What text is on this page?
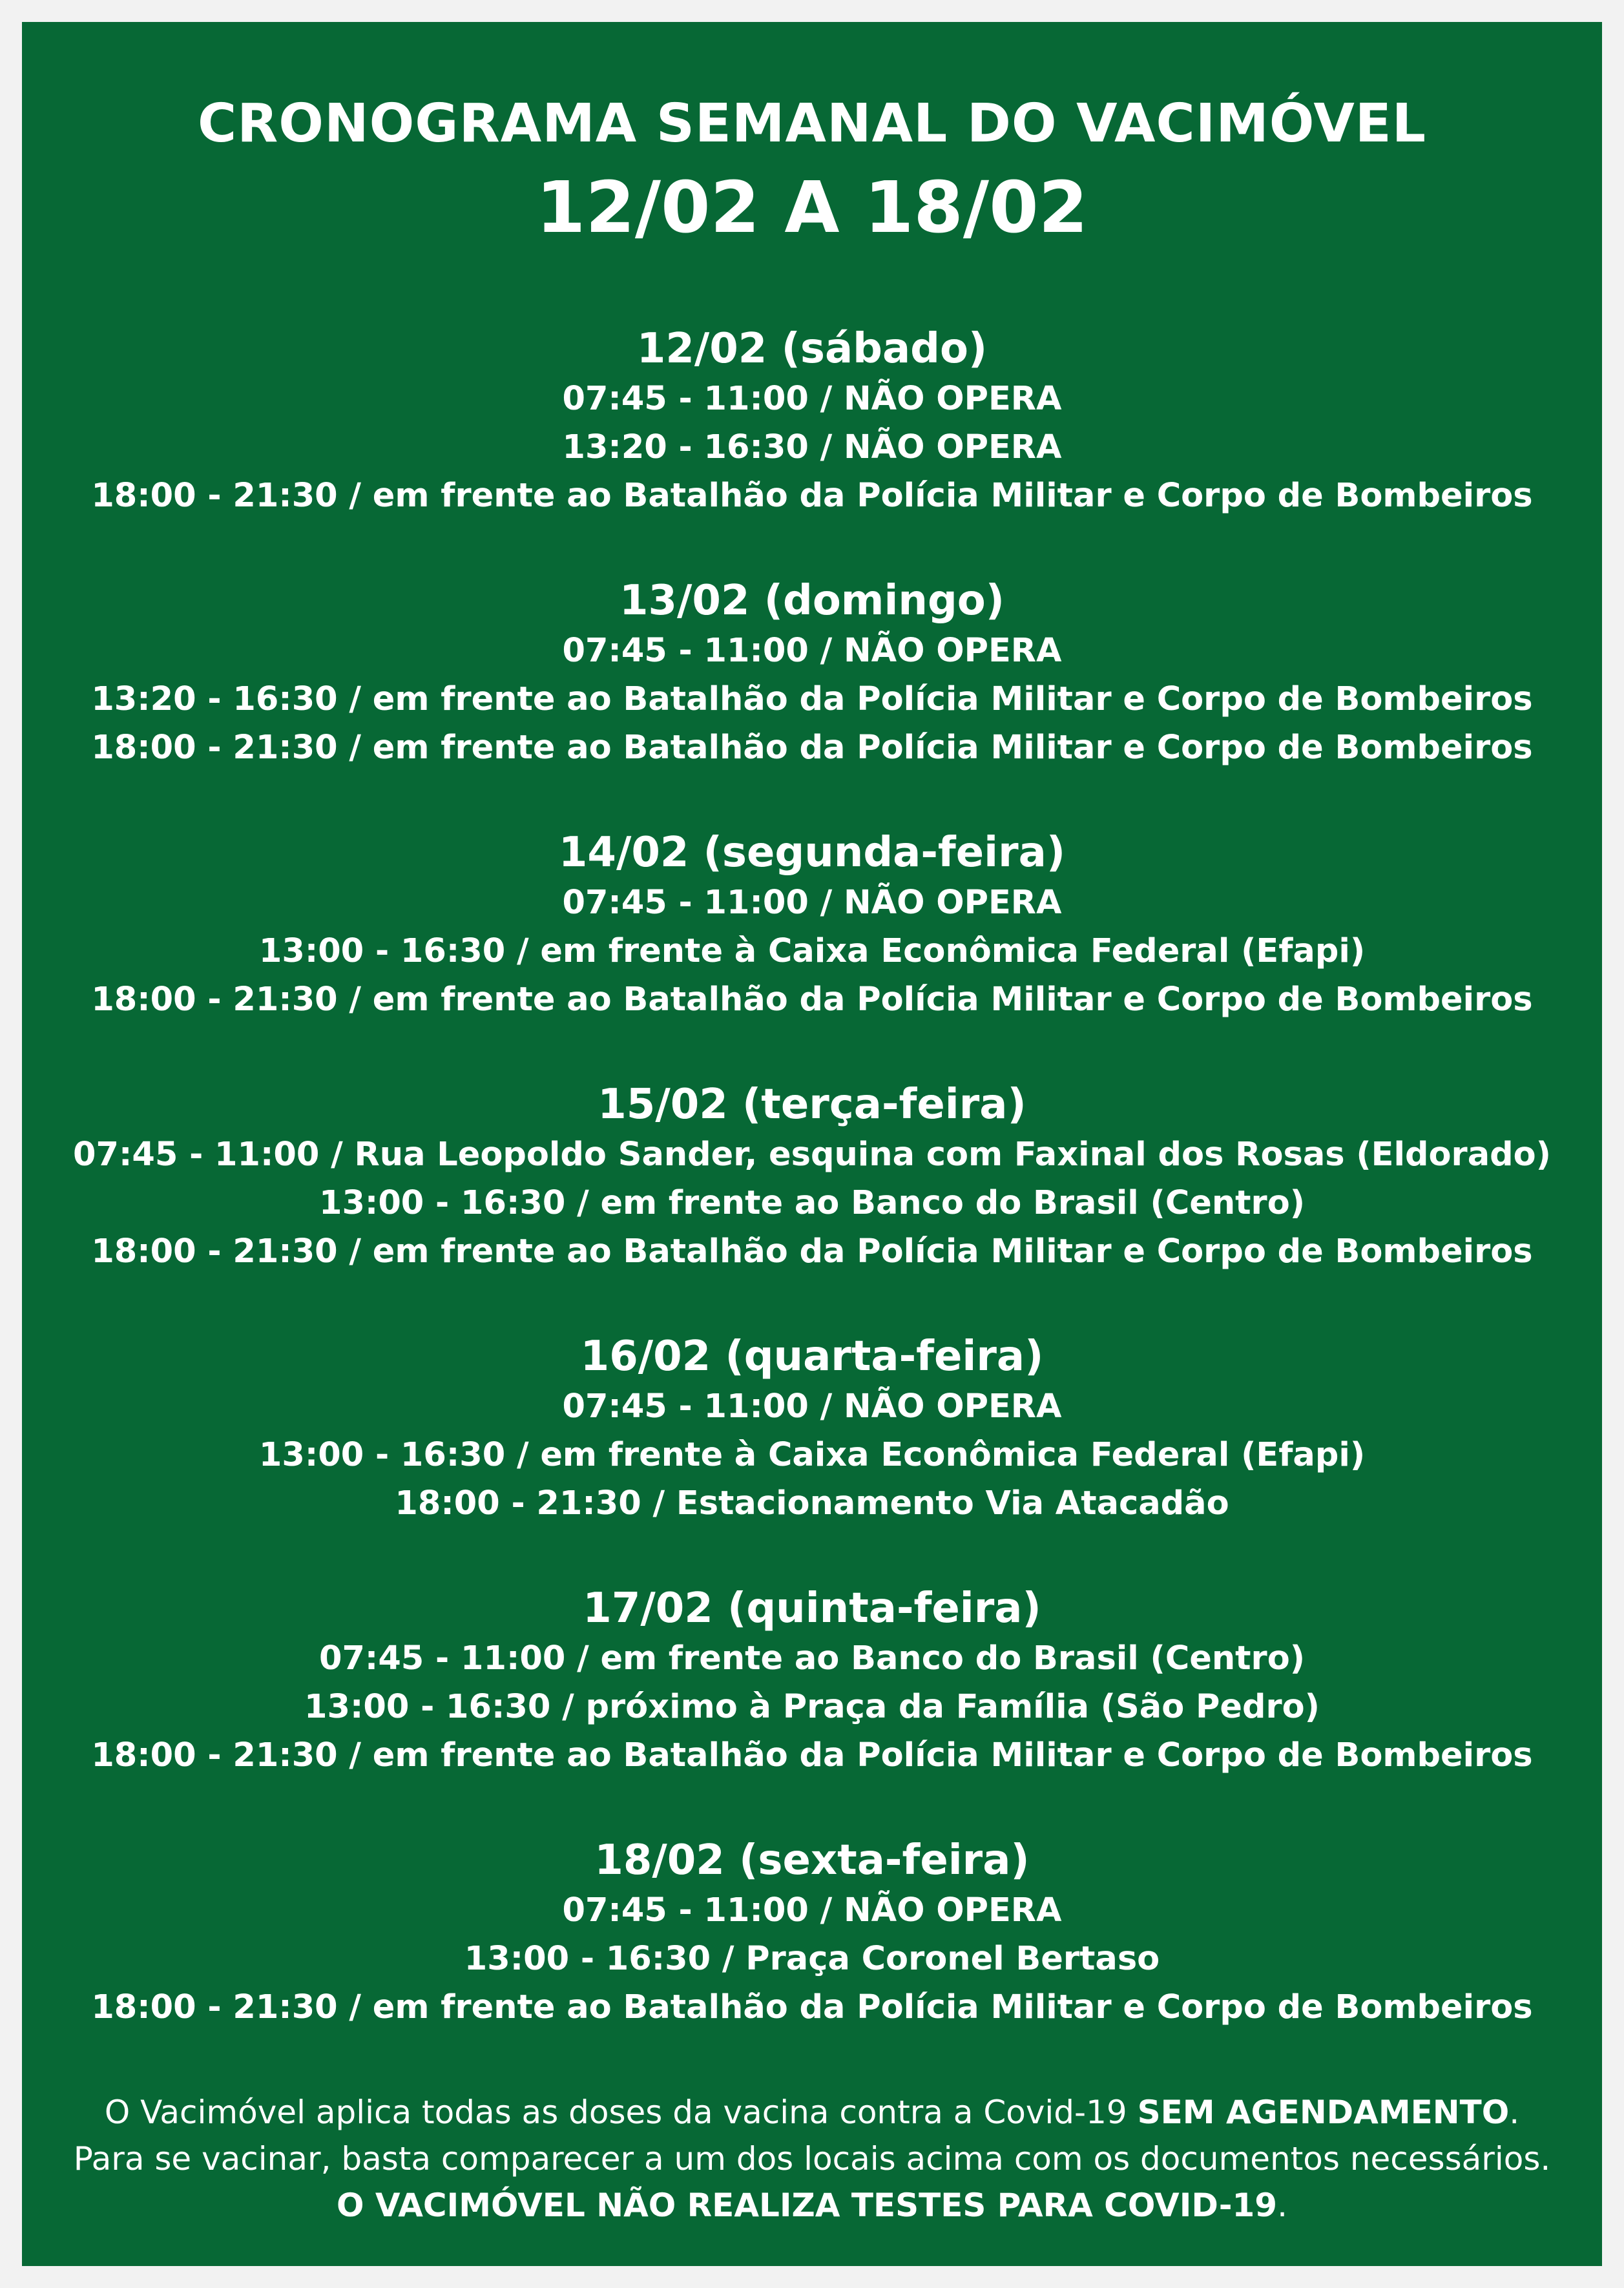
CRONOGRAMA SEMANAL DO VACIMÓVEL
12/02 A 18/02
12/02 (sábado)
07:45 - 11:00 / NÃO OPERA
13:20 - 16:30 / NÃO OPERA
18:00 - 21:30 / em frente ao Batalhão da Polícia Militar e Corpo de Bombeiros
13/02 (domingo)
07:45 - 11:00 / NÃO OPERA
13:20 - 16:30 / em frente ao Batalhão da Polícia Militar e Corpo de Bombeiros
18:00 - 21:30 / em frente ao Batalhão da Polícia Militar e Corpo de Bombeiros
14/02 (segunda-feira)
07:45 - 11:00 / NÃO OPERA
13:00 - 16:30 / em frente à Caixa Econômica Federal (Efapi)
18:00 - 21:30 / em frente ao Batalhão da Polícia Militar e Corpo de Bombeiros
15/02 (terça-feira)
07:45 - 11:00 / Rua Leopoldo Sander, esquina com Faxinal dos Rosas (Eldorado)
13:00 - 16:30 / em frente ao Banco do Brasil (Centro)
18:00 - 21:30 / em frente ao Batalhão da Polícia Militar e Corpo de Bombeiros
16/02 (quarta-feira)
07:45 - 11:00 / NÃO OPERA
13:00 - 16:30 / em frente à Caixa Econômica Federal (Efapi)
18:00 - 21:30 / Estacionamento Via Atacadão
17/02 (quinta-feira)
07:45 - 11:00 / em frente ao Banco do Brasil (Centro)
13:00 - 16:30 / próximo à Praça da Família (São Pedro)
18:00 - 21:30 / em frente ao Batalhão da Polícia Militar e Corpo de Bombeiros
18/02 (sexta-feira)
07:45 - 11:00 / NÃO OPERA
13:00 - 16:30 / Praça Coronel Bertaso
18:00 - 21:30 / em frente ao Batalhão da Polícia Militar e Corpo de Bombeiros
O Vacimóvel aplica todas as doses da vacina contra a Covid-19 SEM AGENDAMENTO.
Para se vacinar, basta comparecer a um dos locais acima com os documentos necessários.
O VACIMÓVEL NÃO REALIZA TESTES PARA COVID-19.
